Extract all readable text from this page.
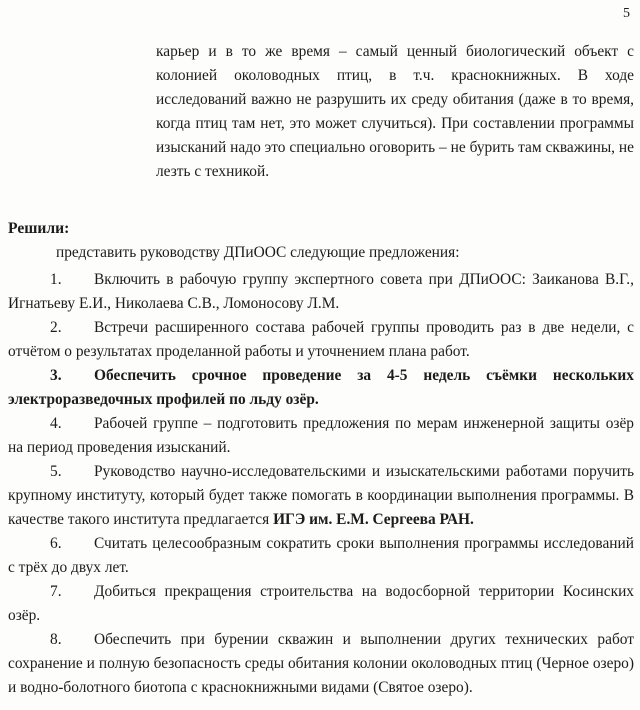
5

карьер и в то же время – самый ценный биологический объект с колонией околоводных птиц, в т.ч. краснокнижных. В ходе исследований важно не разрушить их среду обитания (даже в то время, когда птиц там нет, это может случиться). При составлении программы изысканий надо это специально оговорить – не бурить там скважины, не лезть с техникой.

Решили:
представить руководству ДПиООС следующие предложения:

1. Включить в рабочую группу экспертного совета при ДПиООС: Заиканова В.Г., Игнатьеву Е.И., Николаева С.В., Ломоносову Л.М.

2. Встречи расширенного состава рабочей группы проводить раз в две недели, с отчётом о результатах проделанной работы и уточнением плана работ.

3. Обеспечить срочное проведение за 4-5 недель съёмки нескольких электроразведочных профилей по льду озёр.

4. Рабочей группе – подготовить предложения по мерам инженерной защиты озёр на период проведения изысканий.

5. Руководство научно-исследовательскими и изыскательскими работами поручить крупному институту, который будет также помогать в координации выполнения программы. В качестве такого института предлагается ИГЭ им. Е.М. Сергеева РАН.

6. Считать целесообразным сократить сроки выполнения программы исследований с трёх до двух лет.

7. Добиться прекращения строительства на водосборной территории Косинских озёр.

8. Обеспечить при бурении скважин и выполнении других технических работ сохранение и полную безопасность среды обитания колонии околоводных птиц (Черное озеро) и водно-болотного биотопа с краснокнижными видами (Святое озеро).
